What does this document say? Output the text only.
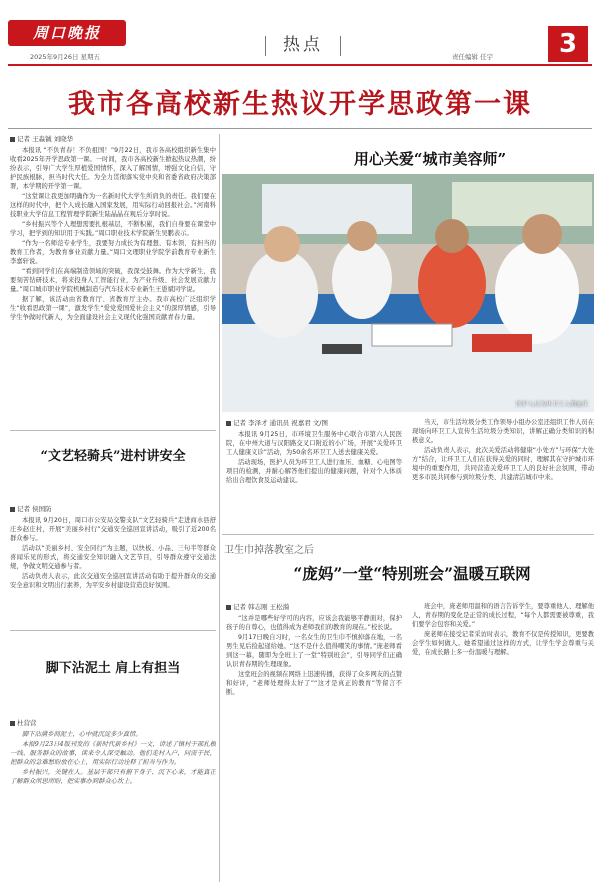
周口晚报
2025年9月26日 星期五
热点
责任编辑 任宇	3
我市各高校新生热议开学思政第一课
记者 王淼铖 刘晓华

本报讯 “不负青春！不负祖国！”9月22日，我市各高校组织新生集中收看2025年开学思政第一课。一时间，我市各高校新生掀起热议热潮，纷纷表示，引导广大学生厚植爱国情怀，深入了解国情，增强文化自信，守护民族根脉，担当时代大任。为全力贯彻落实党中央和省委省政府决策部署，本学期的开学第一课。

“这堂课让我更加明确作为一名新时代大学生所肩负的责任。我们要在这样的时代中，把个人成长融入国家发展，用实际行动回报社会。”河南科技职业大学信息工程管理学院新生陆晶晶在观后分享时说。

“乡村振兴等个人理想需要扎根基层，不断积累，我们自身要在课堂中学习，把学到的知识用于实践。”周口职业技术学院新生吴鹏表示。

“作为一名师范专业学生，我要努力成长为有理想、有本领、有担当的教育工作者，为教育事业贡献力量。”周口文理职业学院学前教育专业新生李嘉轩说。

“看到同学们在高端制造领域的突破，我深受鼓舞。作为大学新生，我要刻苦钻研技术，将来投身人工智能行业，为产业升级、社会发展贡献力量。”周口城市职业学院机械制造与汽车技术专业新生王愚斌同学说。

据了解，该活动由省教育厅、省教育厅主办。我市高校广泛组织学生“收看思政第一课”，激发学生“爱党爱国爱社会主义”的深厚情感，引导学生争做时代新人，为全面建设社会主义现代化强国贡献青春力量。

用心关爱“城市美容师”
医护人员为环卫工人测血压
记者 李泽才 通讯员 祝嘉君 文/图

本报讯 9月25日，市环境卫生服务中心联合市第六人民医院，在中州大道与汉阳路交叉口附近的小广场，开展“关爱环卫工人健康义诊”活动，为50余名环卫工人送去健康关爱。

活动现场，医护人员为环卫工人进行血压、血糖、心电图等项目的检测，并耐心解答他们提出的健康问题，针对个人体质给出合理饮食及运动建议。

当天，市生活垃圾分类工作领导小组办公室还组织工作人员在现场向环卫工人宣传生活垃圾分类知识，讲解正确分类知识的积极意义。

活动负责人表示，此次关爱活动将健康“小处方”与环保“大处方”结合，让环卫工人们在获得关爱的同时，理解其在守护城市环境中的重要作用，共同营造关爱环卫工人的良好社会氛围，带动更多市民共同参与到垃圾分类、共建清洁城市中来。

卫生巾掉落教室之后
“庞妈”一堂“特别班会”温暖互联网
记者 韩志刚 王松漪

“这并是哪些好学可的内容，应该会我能够平静面对，保护孩子的自尊心，也值得成为老师我们的教育的现在。”校长说。

9月17日晚自习时，一名女生的卫生巾不慎掉落在地，一名男生见后捡起递给她。“这不是什么值得嘲笑的事情。”庞老师看到这一幕，随即为全班上了一堂“特别班会”，引导同学们正确认识青春期的生理现象。

这堂班会的视频在网络上迅速传播，获得了众多网友的点赞和好评，“老师处理得太好了”“这才是真正的教育”等留言不断。

班会中，庞老师用温和的语言告诉学生，要尊重他人、理解他人，青春期的变化是正常的成长过程，“每个人都需要被尊重，我们要学会包容和关爱。”

庞老师在接受记者采访时表示，教育不仅是传授知识，更要教会学生如何做人。她希望通过这样的方式，让学生学会尊重与关爱，在成长路上多一份温暖与理解。

“文艺轻骑兵”进村讲安全
记者 侯国防

本报讯 9月20日，周口市公安局交警支队“文艺轻骑兵”走进商水县舒庄乡赵庄村，开展“美丽乡村行”交通安全巡回宣讲活动，吸引了近200名群众参与。

活动以“美丽乡村、安全同行”为主题，以快板、小品、三句半等群众喜闻乐见的形式，将交通安全知识融入文艺节目，引导群众遵守交通法规，争做文明交通参与者。

活动负责人表示，此次交通安全巡回宣讲活动有助于提升群众的交通安全意识和文明出行素养，为平安乡村建设营造良好氛围。

脚下沾泥土 肩上有担当
杜营营

脚下沾满乡间泥土，心中就沉淀多少真情。

本报9月23日4版刊发的《新时代新乡村》一文，讲述了镇村干部扎根一线、服务群众的故事，读来令人深受触动。他们走村入户，问需于民，把群众的急难愁盼放在心上，用实际行动诠释了担当与作为。

乡村振兴，关键在人。基层干部只有俯下身子、沉下心来，才能真正了解群众所思所盼，把实事办到群众心坎上。
